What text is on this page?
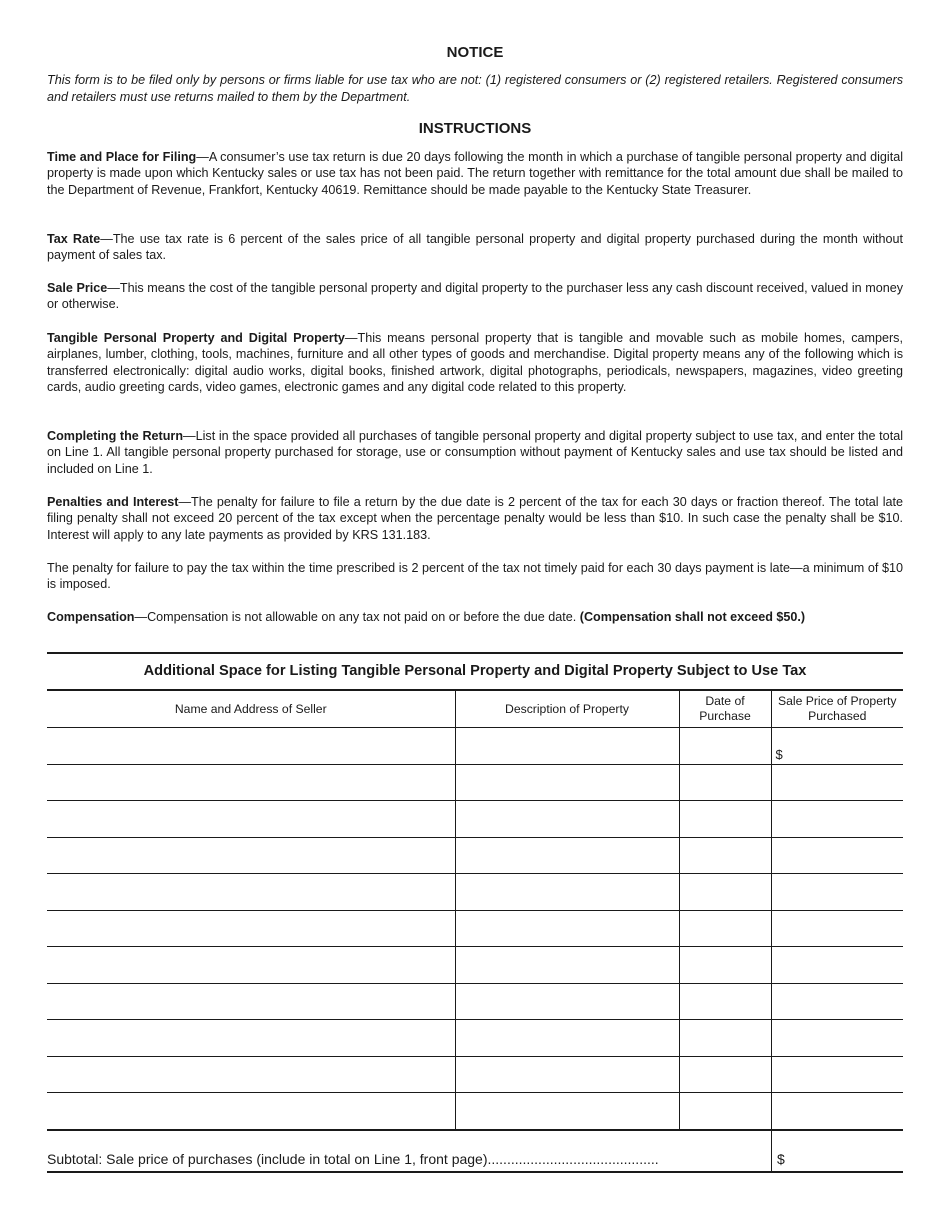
NOTICE

This form is to be filed only by persons or firms liable for use tax who are not: (1) registered consumers or (2) registered retailers. Registered consumers and retailers must use returns mailed to them by the Department.

INSTRUCTIONS

Time and Place for Filing—A consumer’s use tax return is due 20 days following the month in which a purchase of tangible personal property and digital property is made upon which Kentucky sales or use tax has not been paid. The return together with remittance for the total amount due shall be mailed to the Department of Revenue, Frankfort, Kentucky 40619. Remittance should be made payable to the Kentucky State Treasurer.

Tax Rate—The use tax rate is 6 percent of the sales price of all tangible personal property and digital property purchased during the month without payment of sales tax.

Sale Price—This means the cost of the tangible personal property and digital property to the purchaser less any cash discount received, valued in money or otherwise.

Tangible Personal Property and Digital Property—This means personal property that is tangible and movable such as mobile homes, campers, airplanes, lumber, clothing, tools, machines, furniture and all other types of goods and merchandise. Digital property means any of the following which is transferred electronically: digital audio works, digital books, finished artwork, digital photographs, periodicals, newspapers, magazines, video greeting cards, audio greeting cards, video games, electronic games and any digital code related to this property.

Completing the Return—List in the space provided all purchases of tangible personal property and digital property subject to use tax, and enter the total on Line 1. All tangible personal property purchased for storage, use or consumption without payment of Kentucky sales and use tax should be listed and included on Line 1.

Penalties and Interest—The penalty for failure to file a return by the due date is 2 percent of the tax for each 30 days or fraction thereof. The total late filing penalty shall not exceed 20 percent of the tax except when the percentage penalty would be less than $10. In such case the penalty shall be $10. Interest will apply to any late payments as provided by KRS 131.183.

The penalty for failure to pay the tax within the time prescribed is 2 percent of the tax not timely paid for each 30 days payment is late—a minimum of $10 is imposed.

Compensation—Compensation is not allowable on any tax not paid on or before the due date. (Compensation shall not exceed $50.)

Additional Space for Listing Tangible Personal Property and Digital Property Subject to Use Tax
Name and Address of Seller	Description of Property	Date of Purchase	Sale Price of Property Purchased
			$

Subtotal: Sale price of purchases (include in total on Line 1, front page)............................................	$
